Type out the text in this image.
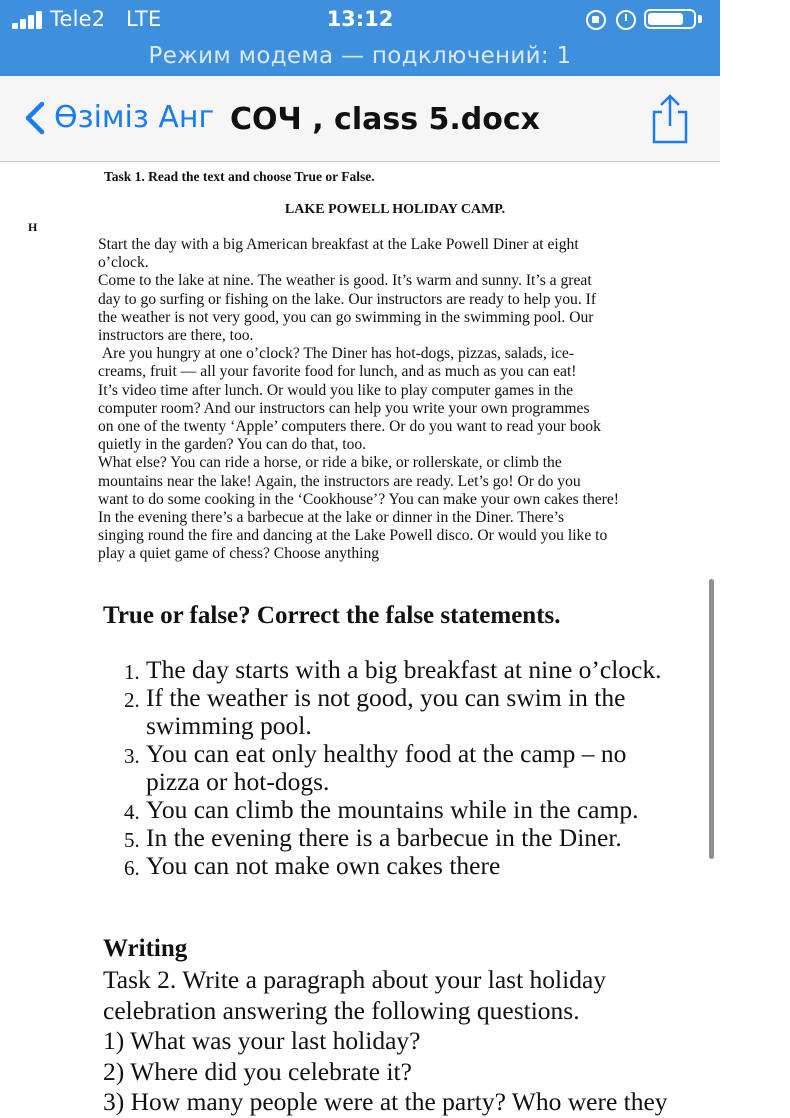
Tele2 LTE	13:12
Режим модема — подключений: 1
Өзіміз Анг СОЧ , class 5.docx
Task 1. Read the text and choose True or False.
LAKE POWELL HOLIDAY CAMP.
H

Start the day with a big American breakfast at the Lake Powell Diner at eight

o’clock.

Come to the lake at nine. The weather is good. It’s warm and sunny. It’s a great

day to go surfing or fishing on the lake. Our instructors are ready to help you. If

the weather is not very good, you can go swimming in the swimming pool. Our

instructors are there, too.

Are you hungry at one o’clock? The Diner has hot-dogs, pizzas, salads, ice-

creams, fruit — all your favorite food for lunch, and as much as you can eat!

It’s video time after lunch. Or would you like to play computer games in the

computer room? And our instructors can help you write your own programmes

on one of the twenty ‘Apple’ computers there. Or do you want to read your book

quietly in the garden? You can do that, too.

What else? You can ride a horse, or ride a bike, or rollerskate, or climb the

mountains near the lake! Again, the instructors are ready. Let’s go! Or do you

want to do some cooking in the ‘Cookhouse’? You can make your own cakes there!

In the evening there’s a barbecue at the lake or dinner in the Diner. There’s

singing round the fire and dancing at the Lake Powell disco. Or would you like to

play a quiet game of chess? Choose anything

True or false? Correct the false statements.
1. The day starts with a big breakfast at nine o’clock.
2. If the weather is not good, you can swim in the swimming pool.
3. You can eat only healthy food at the camp – no pizza or hot-dogs.
4. You can climb the mountains while in the camp.
5. In the evening there is a barbecue in the Diner.
6. You can not make own cakes there
Writing
Task 2. Write a paragraph about your last holiday
celebration answering the following questions.
1) What was your last holiday?
2) Where did you celebrate it?
3) How many people were at the party? Who were they
